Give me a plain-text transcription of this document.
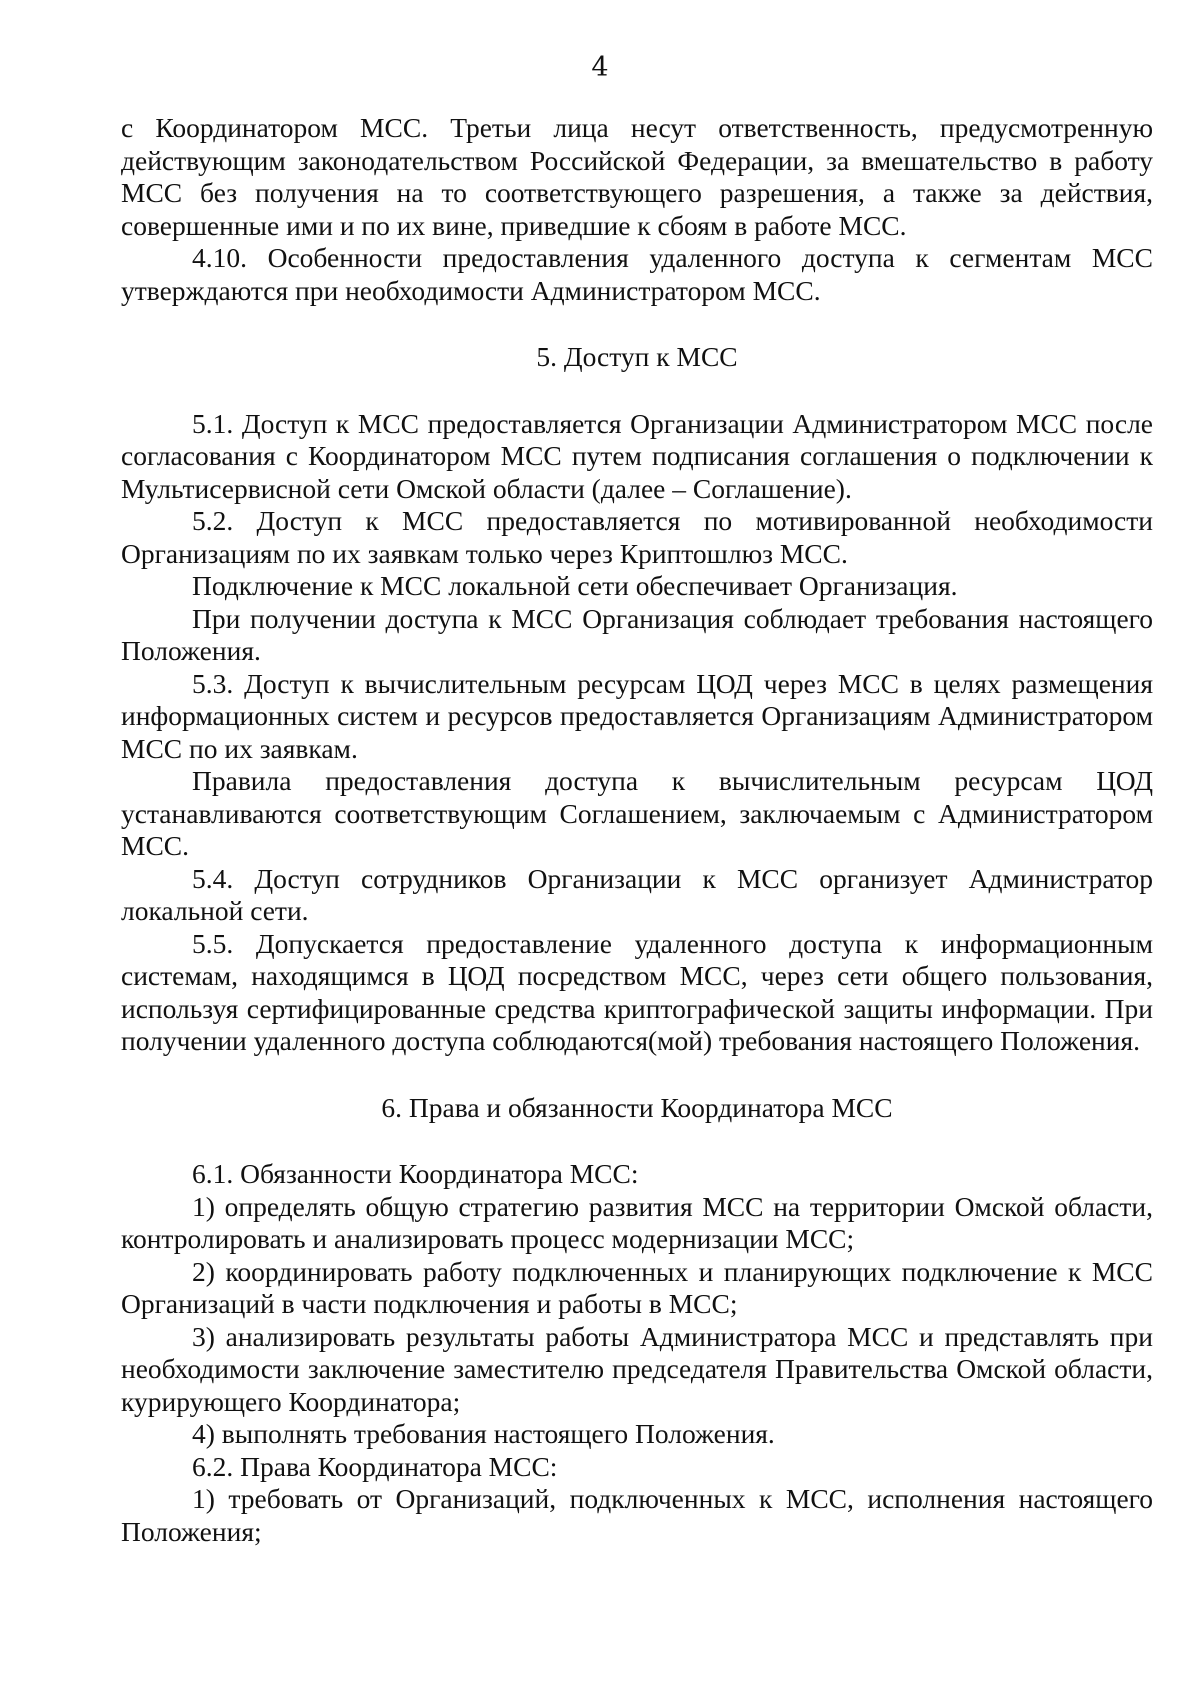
4

с Координатором МСС. Третьи лица несут ответственность, предусмотренную действующим законодательством Российской Федерации, за вмешательство в работу МСС без получения на то соответствующего разрешения, а также за действия, совершенные ими и по их вине, приведшие к сбоям в работе МСС.

4.10. Особенности предоставления удаленного доступа к сегментам МСС утверждаются при необходимости Администратором МСС.

5. Доступ к МСС

5.1. Доступ к МСС предоставляется Организации Администратором МСС после согласования с Координатором МСС путем подписания соглашения о подключении к Мультисервисной сети Омской области (далее – Соглашение).

5.2. Доступ к МСС предоставляется по мотивированной необходимости Организациям по их заявкам только через Криптошлюз МСС.

Подключение к МСС локальной сети обеспечивает Организация.

При получении доступа к МСС Организация соблюдает требования настоящего Положения.

5.3. Доступ к вычислительным ресурсам ЦОД через МСС в целях размещения информационных систем и ресурсов предоставляется Организациям Администратором МСС по их заявкам.

Правила предоставления доступа к вычислительным ресурсам ЦОД устанавливаются соответствующим Соглашением, заключаемым с Администратором МСС.

5.4. Доступ сотрудников Организации к МСС организует Администратор локальной сети.

5.5. Допускается предоставление удаленного доступа к информационным системам, находящимся в ЦОД посредством МСС, через сети общего пользования, используя сертифицированные средства криптографической защиты информации. При получении удаленного доступа соблюдаются(мой) требования настоящего Положения.

6. Права и обязанности Координатора МСС

6.1. Обязанности Координатора МСС:

1) определять общую стратегию развития МСС на территории Омской области, контролировать и анализировать процесс модернизации МСС;

2) координировать работу подключенных и планирующих подключение к МСС Организаций в части подключения и работы в МСС;

3) анализировать результаты работы Администратора МСС и представлять при необходимости заключение заместителю председателя Правительства Омской области, курирующего Координатора;

4) выполнять требования настоящего Положения.

6.2. Права Координатора МСС:

1) требовать от Организаций, подключенных к МСС, исполнения настоящего Положения;
